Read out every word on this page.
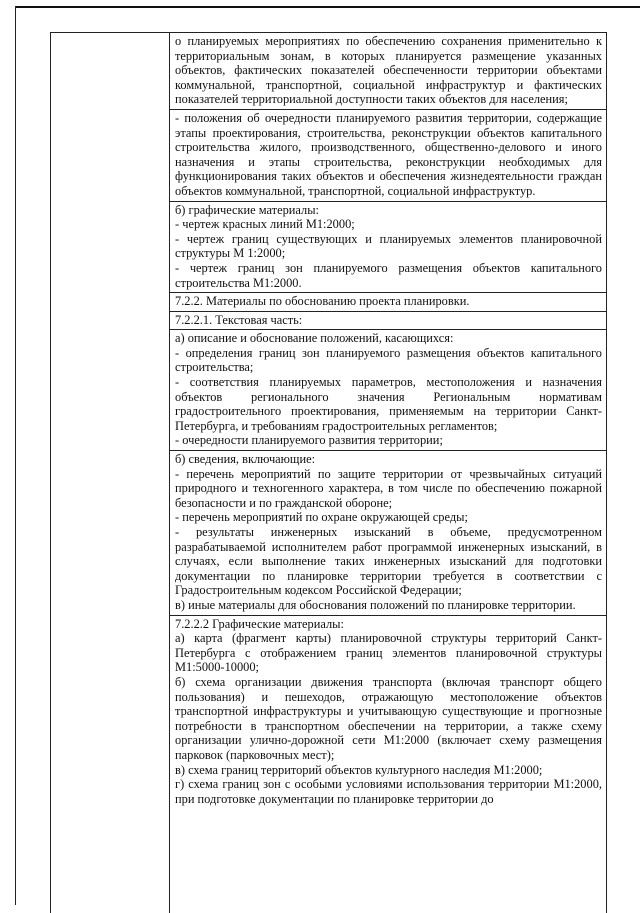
о планируемых мероприятиях по обеспечению сохранения применительно к территориальным зонам, в которых планируется размещение указанных объектов, фактических показателей обеспеченности территории объектами коммунальной, транспортной, социальной инфраструктур и фактических показателей территориальной доступности таких объектов для населения;

- положения об очередности планируемого развития территории, содержащие этапы проектирования, строительства, реконструкции объектов капитального строительства жилого, производственного, общественно-делового и иного назначения и этапы строительства, реконструкции необходимых для функционирования таких объектов и обеспечения жизнедеятельности граждан объектов коммунальной, транспортной, социальной инфраструктур.

б) графические материалы:
- чертеж красных линий М1:2000;
- чертеж границ существующих и планируемых элементов планировочной структуры М 1:2000;
- чертеж границ зон планируемого размещения объектов капитального строительства М1:2000.

7.2.2. Материалы по обоснованию проекта планировки.

7.2.2.1. Текстовая часть:

а) описание и обоснование положений, касающихся:
- определения границ зон планируемого размещения объектов капитального строительства;
- соответствия планируемых параметров, местоположения и назначения объектов регионального значения Региональным нормативам градостроительного проектирования, применяемым на территории Санкт-Петербурга, и требованиям градостроительных регламентов;
- очередности планируемого развития территории;

б) сведения, включающие:
- перечень мероприятий по защите территории от чрезвычайных ситуаций природного и техногенного характера, в том числе по обеспечению пожарной безопасности и по гражданской обороне;
- перечень мероприятий по охране окружающей среды;
- результаты инженерных изысканий в объеме, предусмотренном разрабатываемой исполнителем работ программой инженерных изысканий, в случаях, если выполнение таких инженерных изысканий для подготовки документации по планировке территории требуется в соответствии с Градостроительным кодексом Российской Федерации;
в) иные материалы для обоснования положений по планировке территории.

7.2.2.2 Графические материалы:
а) карта (фрагмент карты) планировочной структуры территорий Санкт-Петербурга с отображением границ элементов планировочной структуры М1:5000-10000;
б) схема организации движения транспорта (включая транспорт общего пользования) и пешеходов, отражающую местоположение объектов транспортной инфраструктуры и учитывающую существующие и прогнозные потребности в транспортном обеспечении на территории, а также схему организации улично-дорожной сети М1:2000 (включает схему размещения парковок (парковочных мест);
в) схема границ территорий объектов культурного наследия М1:2000;
г) схема границ зон с особыми условиями использования территории М1:2000, при подготовке документации по планировке территории до
